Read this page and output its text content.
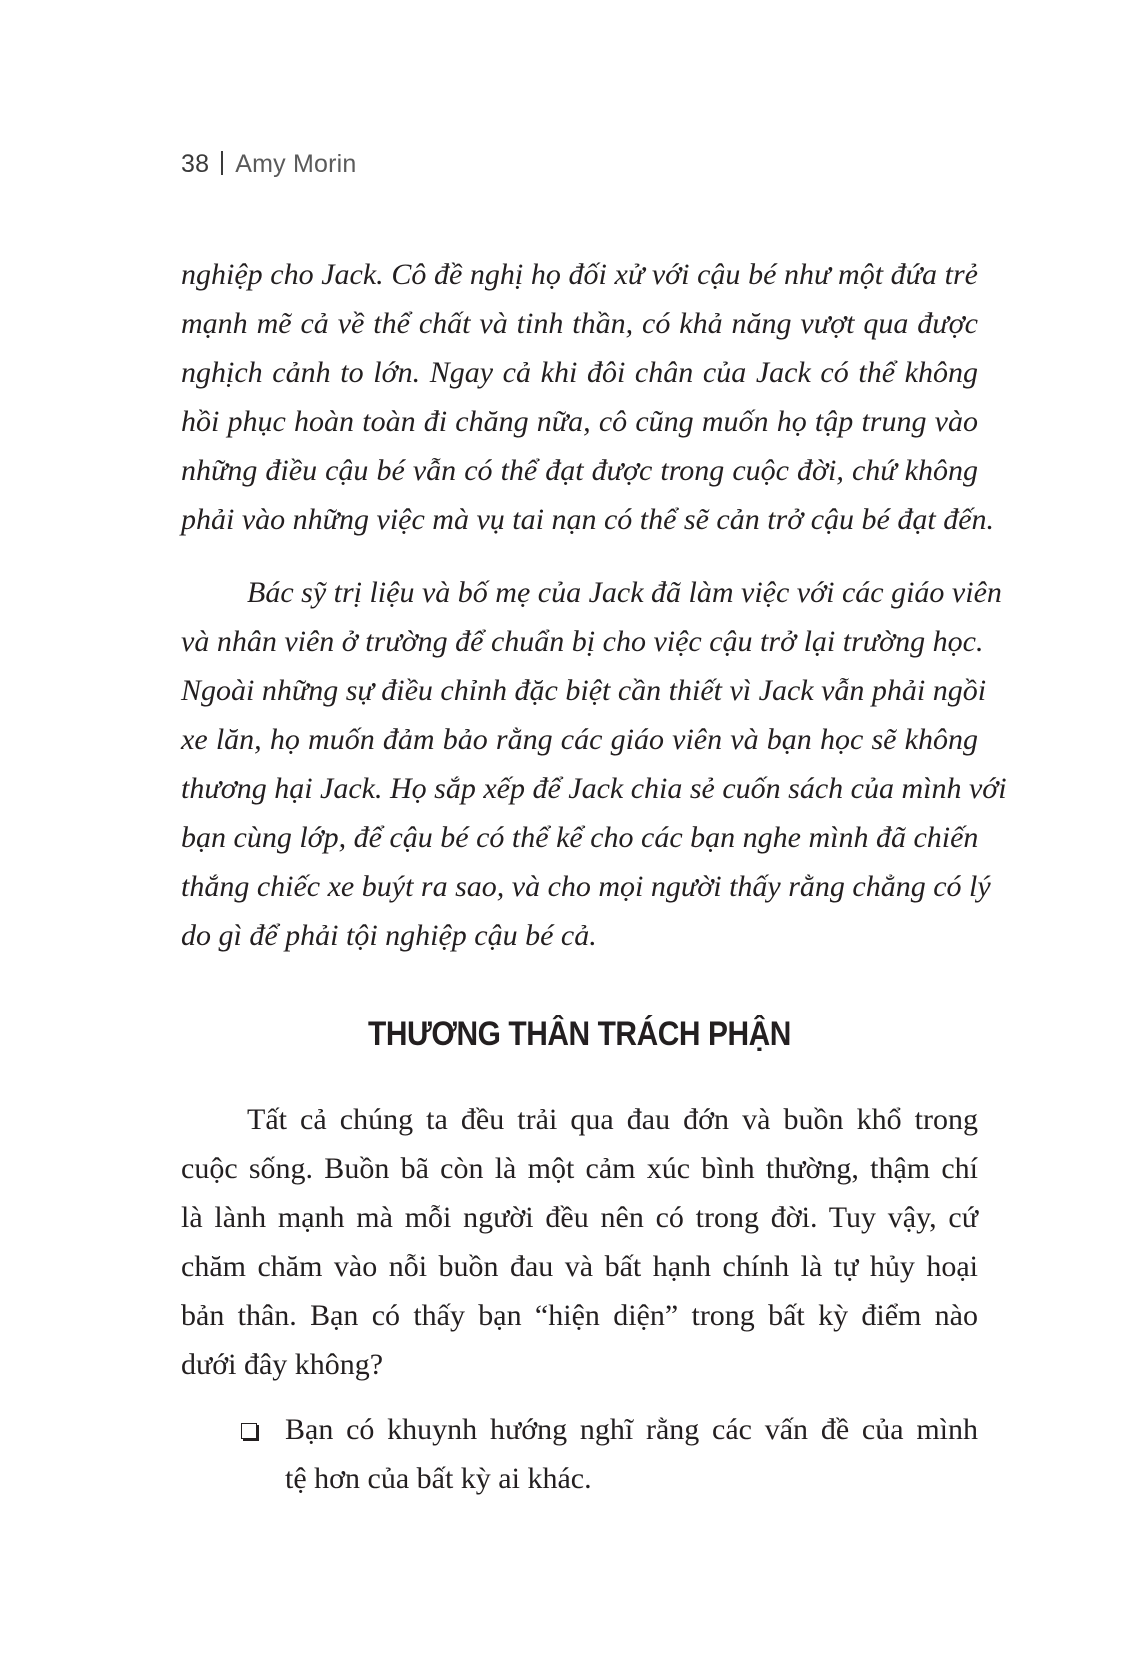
38 Amy Morin
nghiệp cho Jack. Cô đề nghị họ đối xử với cậu bé như một đứa trẻ
mạnh mẽ cả về thể chất và tinh thần, có khả năng vượt qua được
nghịch cảnh to lớn. Ngay cả khi đôi chân của Jack có thể không
hồi phục hoàn toàn đi chăng nữa, cô cũng muốn họ tập trung vào
những điều cậu bé vẫn có thể đạt được trong cuộc đời, chứ không
phải vào những việc mà vụ tai nạn có thể sẽ cản trở cậu bé đạt đến.
Bác sỹ trị liệu và bố mẹ của Jack đã làm việc với các giáo viên
và nhân viên ở trường để chuẩn bị cho việc cậu trở lại trường học.
Ngoài những sự điều chỉnh đặc biệt cần thiết vì Jack vẫn phải ngồi
xe lăn, họ muốn đảm bảo rằng các giáo viên và bạn học sẽ không
thương hại Jack. Họ sắp xếp để Jack chia sẻ cuốn sách của mình với
bạn cùng lớp, để cậu bé có thể kể cho các bạn nghe mình đã chiến
thắng chiếc xe buýt ra sao, và cho mọi người thấy rằng chẳng có lý
do gì để phải tội nghiệp cậu bé cả.
THƯƠNG THÂN TRÁCH PHẬN
Tất cả chúng ta đều trải qua đau đớn và buồn khổ trong
cuộc sống. Buồn bã còn là một cảm xúc bình thường, thậm chí
là lành mạnh mà mỗi người đều nên có trong đời. Tuy vậy, cứ
chăm chăm vào nỗi buồn đau và bất hạnh chính là tự hủy hoại
bản thân. Bạn có thấy bạn “hiện diện” trong bất kỳ điểm nào
dưới đây không?
Bạn có khuynh hướng nghĩ rằng các vấn đề của mình
tệ hơn của bất kỳ ai khác.
